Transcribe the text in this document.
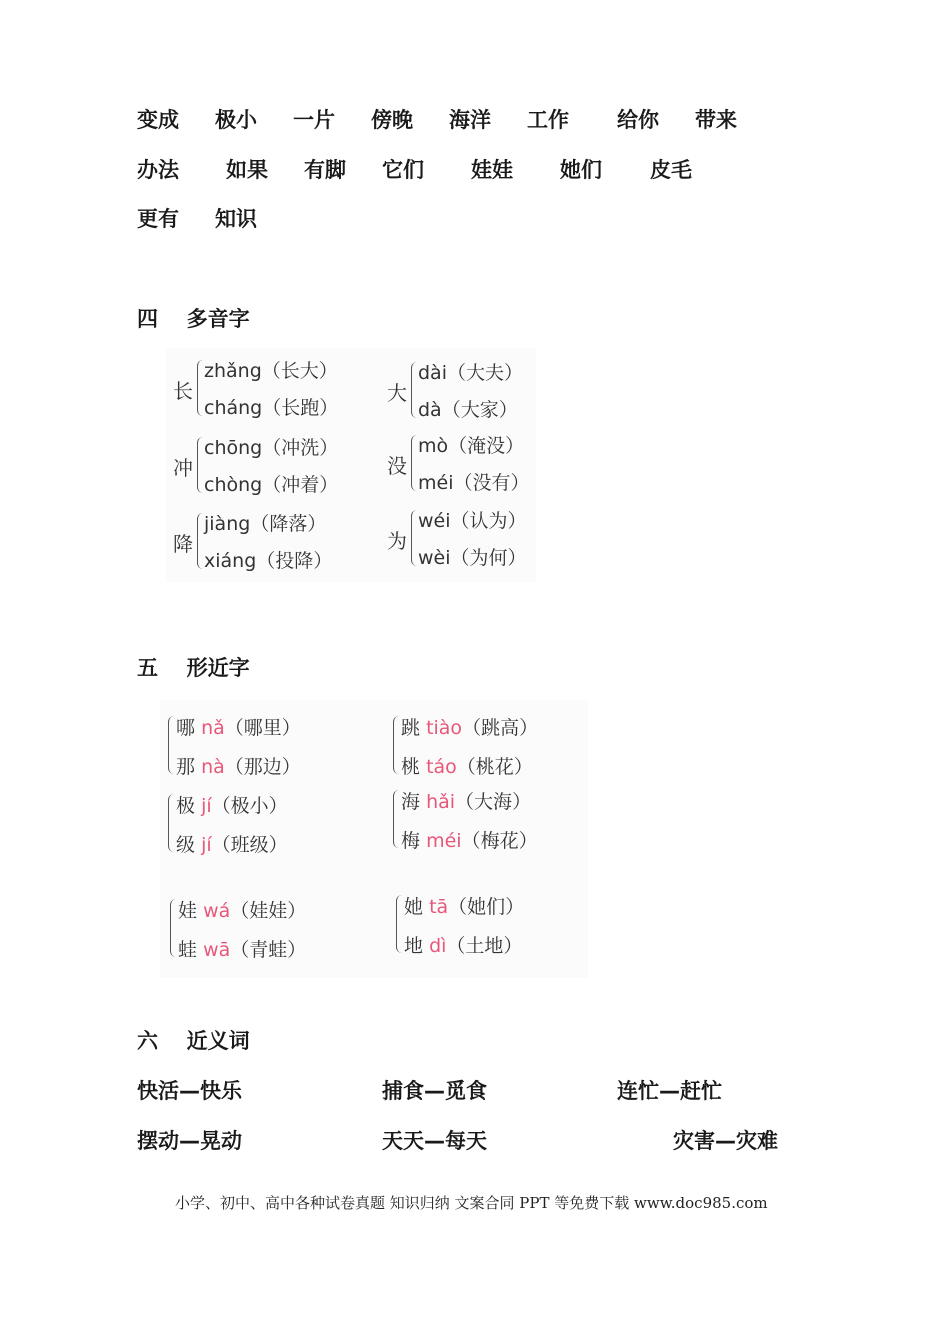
变成 极小 一片 傍晚 海洋 工作 给你 带来
办法 如果 有脚 它们 娃娃 她们 皮毛
更有 知识
四 多音字
长
zhǎng（长大）
cháng（长跑）
大
dài（大夫）
dà（大家）
冲
chōng（冲洗）
chòng（冲着）
没
mò（淹没）
méi（没有）
降
jiàng（降落）
xiáng（投降）
为
wéi（认为）
wèi（为何）
五 形近字
哪 nǎ（哪里）
那 nà（那边）
跳 tiào（跳高）
桃 táo（桃花）
极 jí（极小）
级 jí（班级）
海 hǎi（大海）
梅 méi（梅花）
娃 wá（娃娃）
蛙 wā（青蛙）
她 tā（她们）
地 dì（土地）
六 近义词
快活—快乐	捕食—觅食	连忙—赶忙
摆动—晃动	天天—每天	灾害—灾难
小学、初中、高中各种试卷真题 知识归纳 文案合同 PPT 等免费下载 www.doc985.com
